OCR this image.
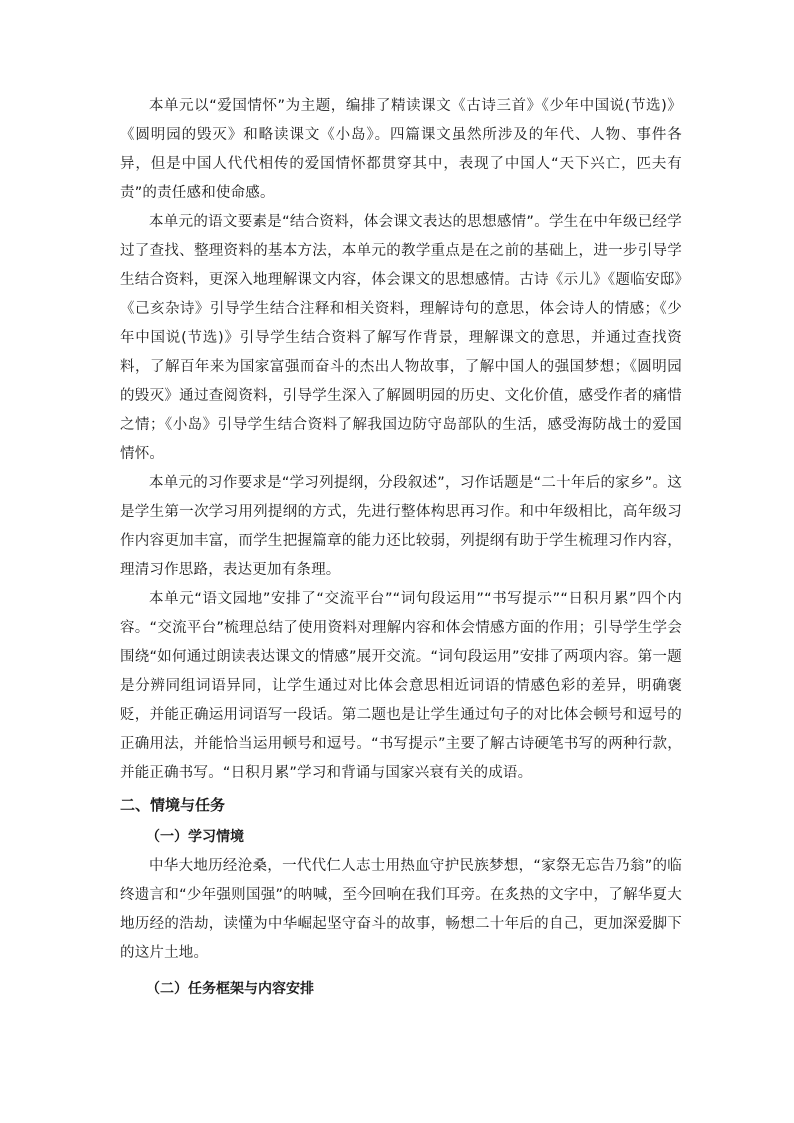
本单元以“爱国情怀”为主题，编排了精读课文《古诗三首》《少年中国说(节选)》《圆明园的毁灭》和略读课文《小岛》。四篇课文虽然所涉及的年代、人物、事件各异，但是中国人代代相传的爱国情怀都贯穿其中，表现了中国人“天下兴亡，匹夫有责”的责任感和使命感。

本单元的语文要素是“结合资料，体会课文表达的思想感情”。学生在中年级已经学过了查找、整理资料的基本方法，本单元的教学重点是在之前的基础上，进一步引导学生结合资料，更深入地理解课文内容，体会课文的思想感情。古诗《示儿》《题临安邸》《己亥杂诗》引导学生结合注释和相关资料，理解诗句的意思，体会诗人的情感；《少年中国说(节选)》引导学生结合资料了解写作背景，理解课文的意思，并通过查找资料，了解百年来为国家富强而奋斗的杰出人物故事，了解中国人的强国梦想；《圆明园的毁灭》通过查阅资料，引导学生深入了解圆明园的历史、文化价值，感受作者的痛惜之情；《小岛》引导学生结合资料了解我国边防守岛部队的生活，感受海防战士的爱国情怀。

本单元的习作要求是“学习列提纲，分段叙述”，习作话题是“二十年后的家乡”。这是学生第一次学习用列提纲的方式，先进行整体构思再习作。和中年级相比，高年级习作内容更加丰富，而学生把握篇章的能力还比较弱，列提纲有助于学生梳理习作内容，理清习作思路，表达更加有条理。

本单元“语文园地”安排了“交流平台”“词句段运用”“书写提示”“日积月累”四个内容。“交流平台”梳理总结了使用资料对理解内容和体会情感方面的作用；引导学生学会围绕“如何通过朗读表达课文的情感”展开交流。“词句段运用”安排了两项内容。第一题是分辨同组词语异同，让学生通过对比体会意思相近词语的情感色彩的差异，明确褒贬，并能正确运用词语写一段话。第二题也是让学生通过句子的对比体会顿号和逗号的正确用法，并能恰当运用顿号和逗号。“书写提示”主要了解古诗硬笔书写的两种行款，并能正确书写。“日积月累”学习和背诵与国家兴衰有关的成语。

二、情境与任务
（一）学习情境

中华大地历经沧桑，一代代仁人志士用热血守护民族梦想，“家祭无忘告乃翁”的临终遗言和“少年强则国强”的呐喊，至今回响在我们耳旁。在炙热的文字中，了解华夏大地历经的浩劫，读懂为中华崛起坚守奋斗的故事，畅想二十年后的自己，更加深爱脚下的这片土地。

（二）任务框架与内容安排
